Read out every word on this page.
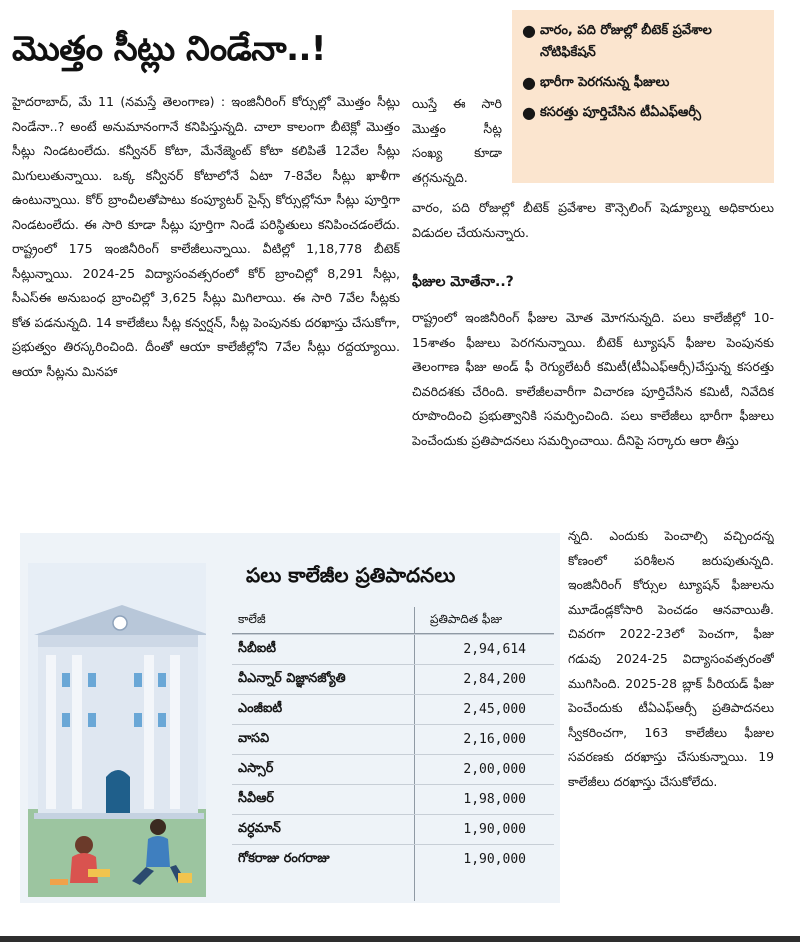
మొత్తం సీట్లు నిండేనా..!	● వారం, పది రోజుల్లో బీటెక్ ప్రవేశాల నోటిఫికేషన్
● భారీగా పెరగనున్న ఫీజులు
● కసరత్తు పూర్తిచేసిన టీఏఎఫ్ఆర్సీ

హైదరాబాద్, మే 11 (నమస్తే తెలంగాణ) : ఇంజినీరింగ్ కోర్సుల్లో మొత్తం సీట్లు నిండేనా..? అంటే అనుమానంగానే కనిపిస్తున్నది. చాలా కాలంగా బీటెక్లో మొత్తం సీట్లు నిండటంలేదు. కన్వీనర్ కోటా, మేనేజ్మెంట్ కోటా కలిపితే 12వేల సీట్లు మిగులుతున్నాయి. ఒక్క కన్వీనర్ కోటాలోనే ఏటా 7-8వేల సీట్లు ఖాళీగా ఉంటున్నాయి. కోర్ బ్రాంచీలతోపాటు కంప్యూటర్ సైన్స్ కోర్సుల్లోనూ సీట్లు పూర్తిగా నిండటంలేదు. ఈ సారి కూడా సీట్లు పూర్తిగా నిండే పరిస్థితులు కనిపించడంలేదు. రాష్ట్రంలో 175 ఇంజినీరింగ్ కాలేజీలున్నాయి. వీటిల్లో 1,18,778 బీటెక్ సీట్లున్నాయి. 2024-25 విద్యాసంవత్సరంలో కోర్ బ్రాంచిల్లో 8,291 సీట్లు, సీఎస్ఈ అనుబంధ బ్రాంచిల్లో 3,625 సీట్లు మిగిలాయి. ఈ సారి 7వేల సీట్లకు కోత పడనున్నది. 14 కాలేజీలు సీట్ల కన్వర్షన్, సీట్ల పెంపునకు దరఖాస్తు చేసుకోగా, ప్రభుత్వం తిరస్కరించింది. దీంతో ఆయా కాలేజీల్లోని 7వేల సీట్లు రద్దయ్యాయి. ఆయా సీట్లను మినహా

యిస్తే ఈ సారి మొత్తం సీట్ల సంఖ్య కూడా తగ్గనున్నది.

వారం, పది రోజుల్లో బీటెక్ ప్రవేశాల కౌన్సెలింగ్ షెడ్యూల్ను అధికారులు విడుదల చేయనున్నారు.

ఫీజుల మోతేనా..?

రాష్ట్రంలో ఇంజినీరింగ్ ఫీజుల మోత మోగనున్నది. పలు కాలేజీల్లో 10-15శాతం ఫీజులు పెరగనున్నాయి. బీటెక్ ట్యూషన్ ఫీజుల పెంపునకు తెలంగాణ ఫీజు అండ్ ఫీ రెగ్యులేటరీ కమిటీ(టీఏఎఫ్ఆర్సీ)చేస్తున్న కసరత్తు చివరిదశకు చేరింది. కాలేజీలవారీగా విచారణ పూర్తిచేసిన కమిటీ, నివేదిక రూపొందించి ప్రభుత్వానికి సమర్పించింది. పలు కాలేజీలు భారీగా ఫీజులు పెంచేందుకు ప్రతిపాదనలు సమర్పించాయి. దీనిపై సర్కారు ఆరా తీస్తు

న్నది. ఎందుకు పెంచాల్సి వచ్చిందన్న కోణంలో పరిశీలన జరుపుతున్నది. ఇంజినీరింగ్ కోర్సుల ట్యూషన్ ఫీజులను మూడేండ్లకోసారి పెంచడం ఆనవాయితీ. చివరగా 2022-23లో పెంచగా, ఫీజు గడువు 2024-25 విద్యాసంవత్సరంతో ముగిసింది. 2025-28 బ్లాక్ పీరియడ్ ఫీజు పెంచేందుకు టీఏఎఫ్ఆర్సీ ప్రతిపాదనలు స్వీకరించగా, 163 కాలేజీలు ఫీజుల సవరణకు దరఖాస్తు చేసుకున్నాయి. 19 కాలేజీలు దరఖాస్తు చేసుకోలేదు.

పలు కాలేజీల ప్రతిపాదనలు
కాలేజీ	ప్రతిపాదిత ఫీజు
సీబీఐటీ	2,94,614
వీఎన్నార్ విజ్ఞానజ్యోతి	2,84,200
ఎంజీఐటీ	2,45,000
వాసవి	2,16,000
ఎస్సార్	2,00,000
సీవీఆర్	1,98,000
వర్ధమాన్	1,90,000
గోకరాజు రంగరాజు	1,90,000
